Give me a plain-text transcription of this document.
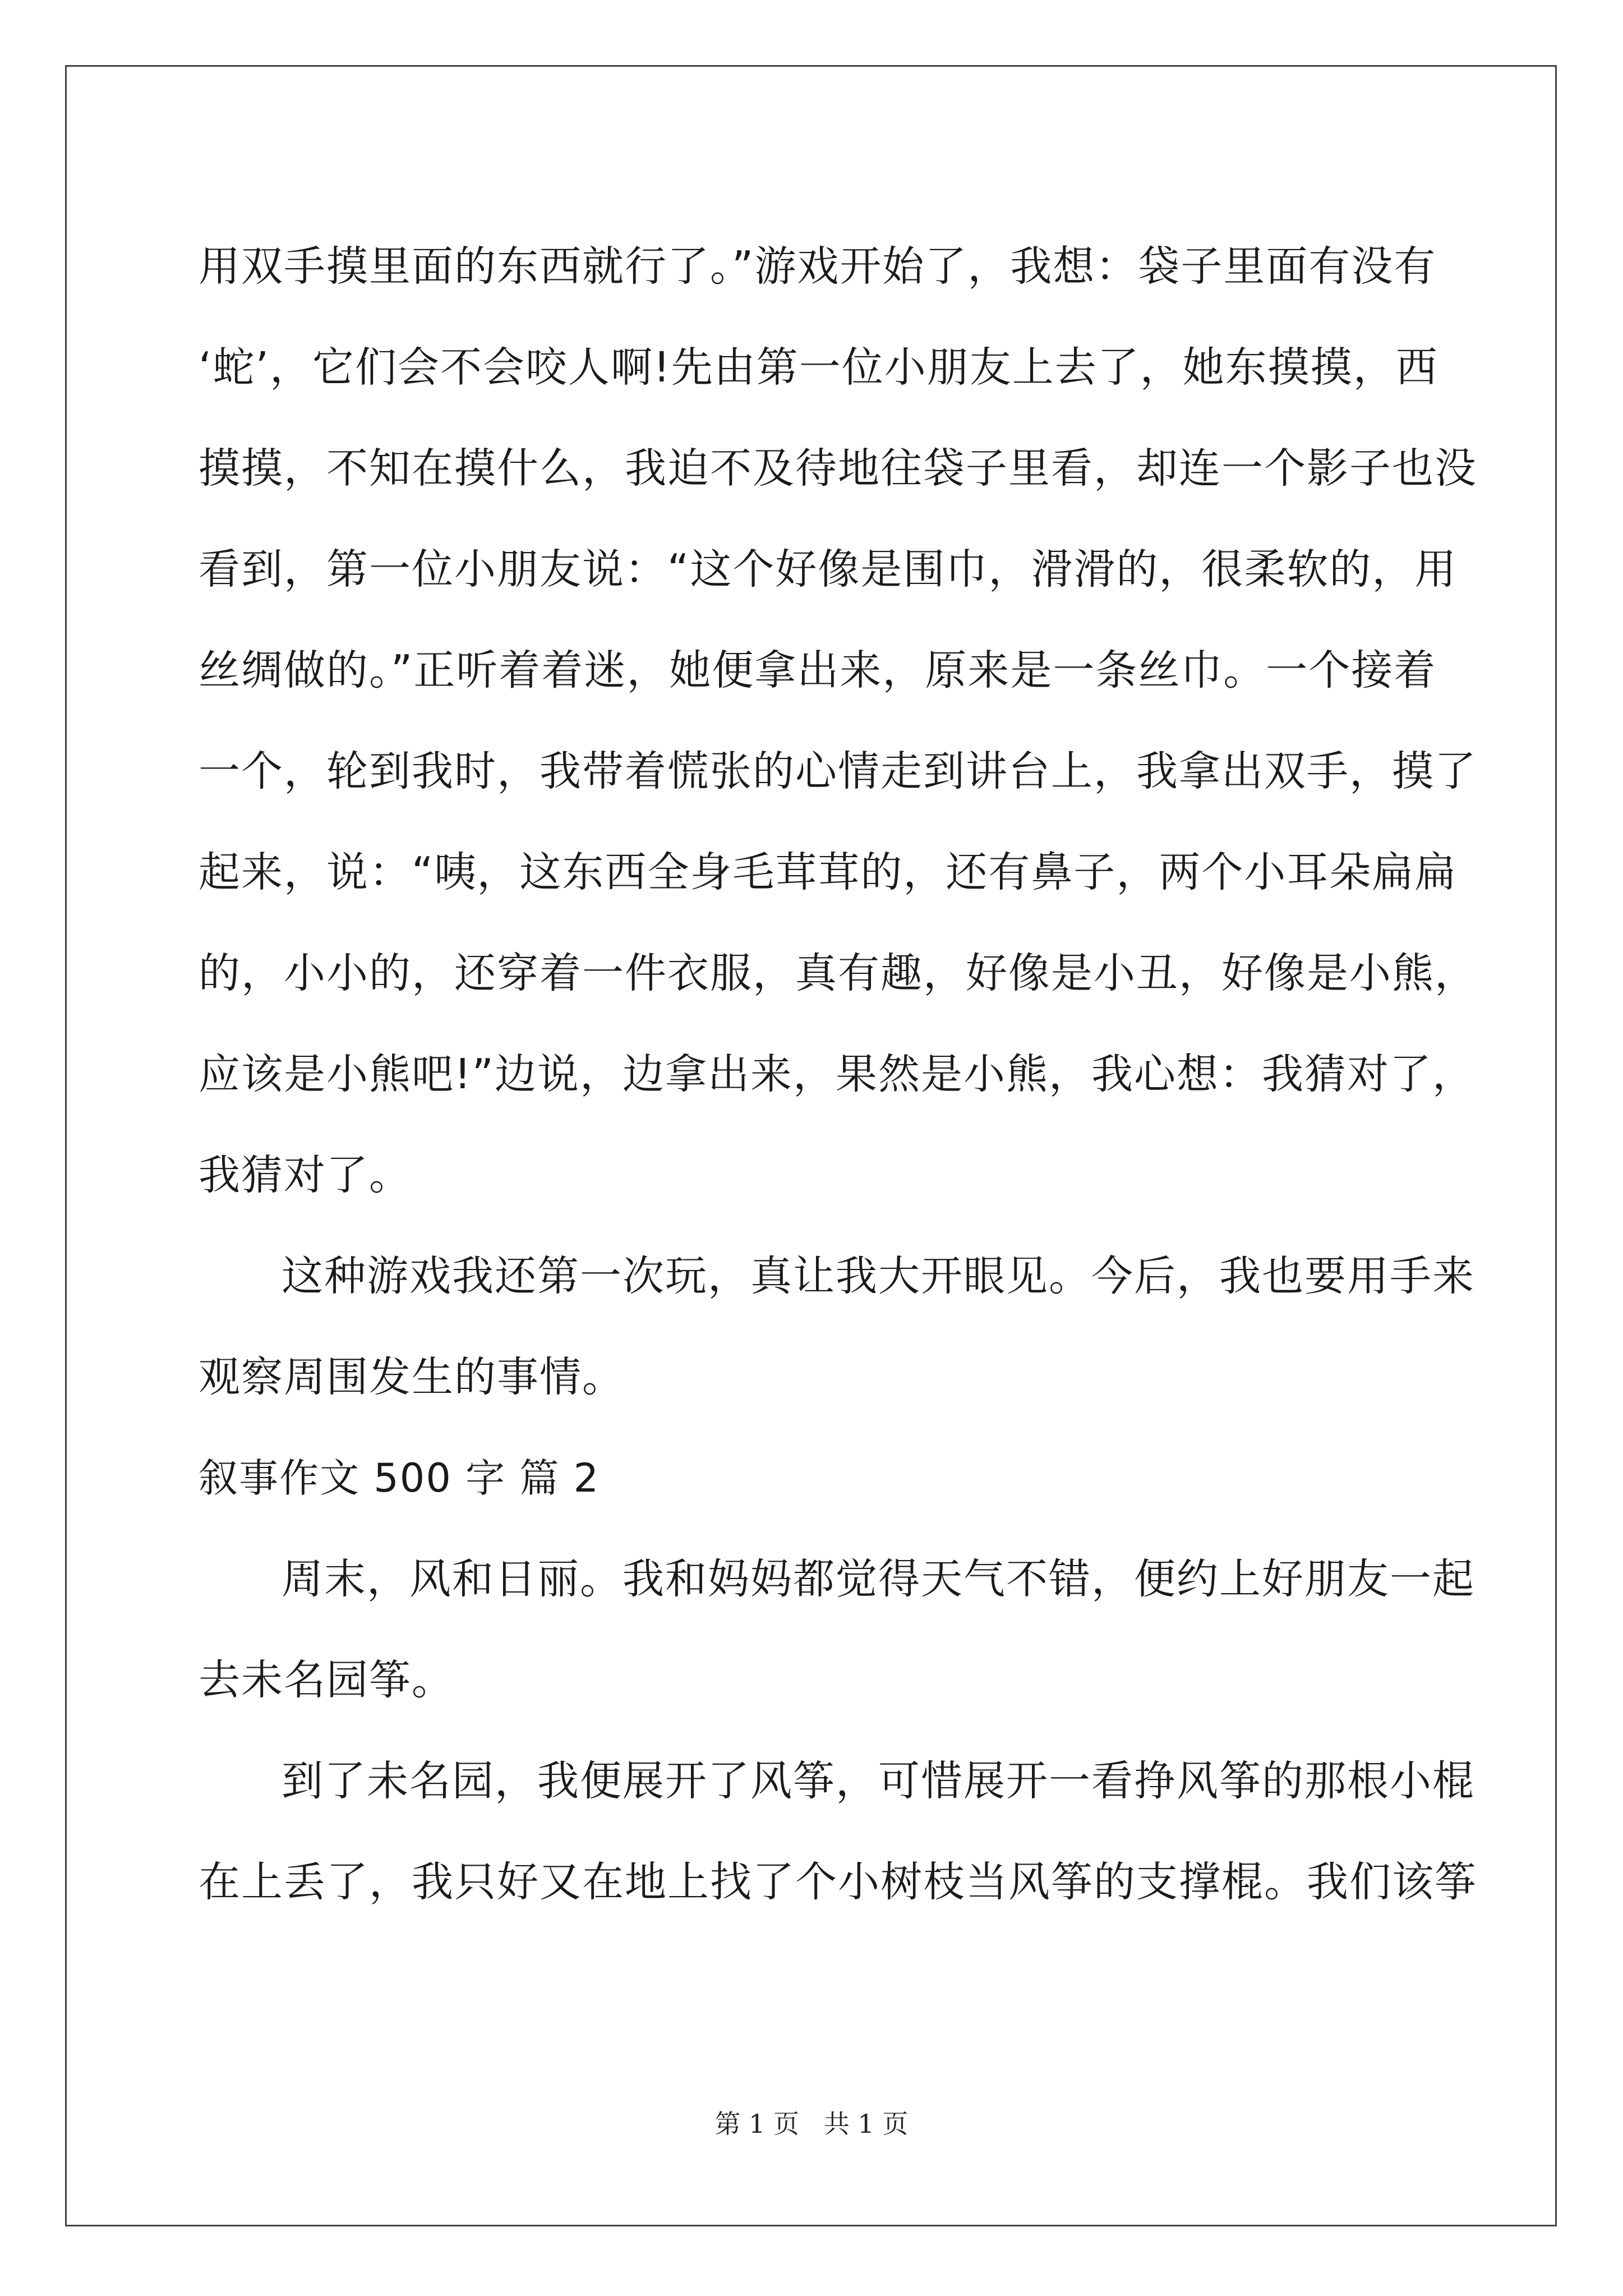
用双手摸里面的东西就行了。”游戏开始了，我想：袋子里面有没有
‘蛇’，它们会不会咬人啊!先由第一位小朋友上去了，她东摸摸，西
摸摸，不知在摸什么，我迫不及待地往袋子里看，却连一个影子也没
看到，第一位小朋友说：“这个好像是围巾，滑滑的，很柔软的，用
丝绸做的。”正听着着迷，她便拿出来，原来是一条丝巾。一个接着
一个，轮到我时，我带着慌张的心情走到讲台上，我拿出双手，摸了
起来，说：“咦，这东西全身毛茸茸的，还有鼻子，两个小耳朵扁扁
的，小小的，还穿着一件衣服，真有趣，好像是小丑，好像是小熊，
应该是小熊吧!”边说，边拿出来，果然是小熊，我心想：我猜对了，
我猜对了。
这种游戏我还第一次玩，真让我大开眼见。今后，我也要用手来
观察周围发生的事情。
叙事作文 500 字 篇 2
周末，风和日丽。我和妈妈都觉得天气不错，便约上好朋友一起
去未名园筝。
到了未名园，我便展开了风筝，可惜展开一看挣风筝的那根小棍
在上丢了，我只好又在地上找了个小树枝当风筝的支撑棍。我们该筝
第 1 页   共 1 页
